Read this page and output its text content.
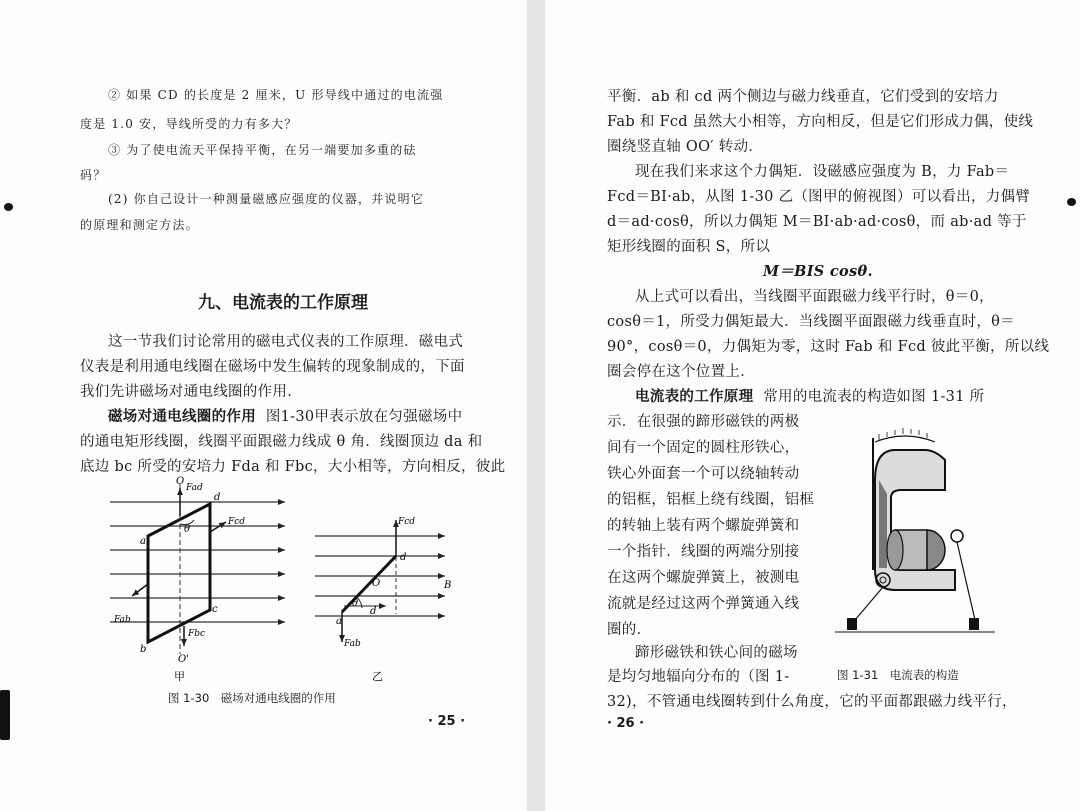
② 如果 CD 的长度是 2 厘米，U 形导线中通过的电流强
度是 1.0 安，导线所受的力有多大？
③ 为了使电流天平保持平衡，在另一端要加多重的砝
码？
(2) 你自己设计一种测量磁感应强度的仪器，并说明它
的原理和测定方法。
九、电流表的工作原理
这一节我们讨论常用的磁电式仪表的工作原理．磁电式
仪表是利用通电线圈在磁场中发生偏转的现象制成的，下面
我们先讲磁场对通电线圈的作用．
磁场对通电线圈的作用 图1-30甲表示放在匀强磁场中
的通电矩形线圈，线圈平面跟磁力线成 θ 角．线圈顶边 da 和
底边 bc 所受的安培力 Fda 和 Fbc，大小相等，方向相反，彼此
O
Fad
d
Fcd
θ
a
Fab
c
Fbc
b
O'
甲
Fcd
d
O	B
θ
d
a
Fab
乙
图 1-30　磁场对通电线圈的作用
· 25 ·
平衡．ab 和 cd 两个侧边与磁力线垂直，它们受到的安培力
Fab 和 Fcd 虽然大小相等，方向相反，但是它们形成力偶，使线
圈绕竖直轴 OO′ 转动．
现在我们来求这个力偶矩．设磁感应强度为 B，力 Fab＝
Fcd＝BI·ab，从图 1-30 乙（图甲的俯视图）可以看出，力偶臂
d＝ad·cosθ，所以力偶矩 M＝BI·ab·ad·cosθ，而 ab·ad 等于
矩形线圈的面积 S，所以
M＝BIS cosθ.
从上式可以看出，当线圈平面跟磁力线平行时，θ＝0，
cosθ＝1，所受力偶矩最大．当线圈平面跟磁力线垂直时，θ＝
90°，cosθ＝0，力偶矩为零，这时 Fab 和 Fcd 彼此平衡，所以线
圈会停在这个位置上．
电流表的工作原理 常用的电流表的构造如图 1-31 所
示．在很强的蹄形磁铁的两极
间有一个固定的圆柱形铁心，
铁心外面套一个可以绕轴转动
的铝框，铝框上绕有线圈，铝框
的转轴上装有两个螺旋弹簧和
一个指针．线圈的两端分别接
在这两个螺旋弹簧上，被测电
流就是经过这两个弹簧通入线
圈的．
蹄形磁铁和铁心间的磁场
是均匀地辐向分布的（图 1-
32)，不管通电线圈转到什么角度，它的平面都跟磁力线平行，
图 1-31　电流表的构造
· 26 ·
